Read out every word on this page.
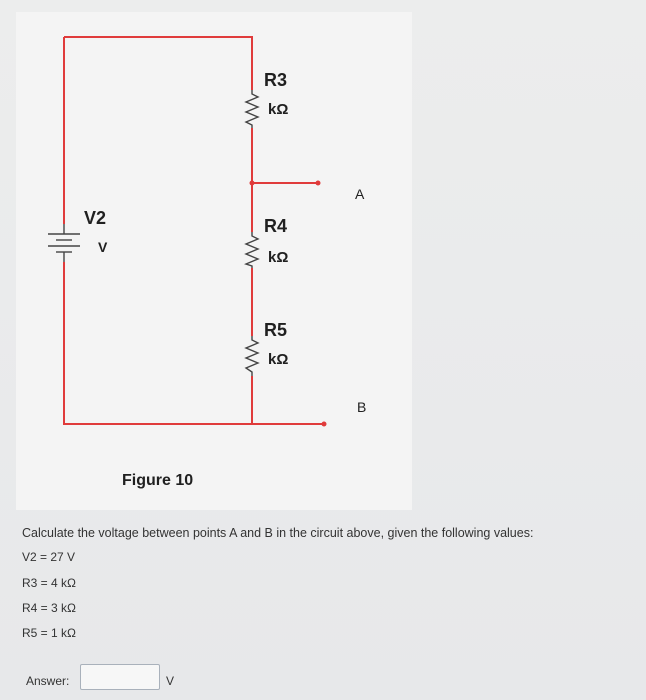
R3
kΩ
R4
kΩ
R5
kΩ
V2
V
A
B
Figure 10
Calculate the voltage between points A and B in the circuit above, given the following values:
V2 = 27 V
R3 = 4 kΩ
R4 = 3 kΩ
R5 = 1 kΩ
Answer:	V
